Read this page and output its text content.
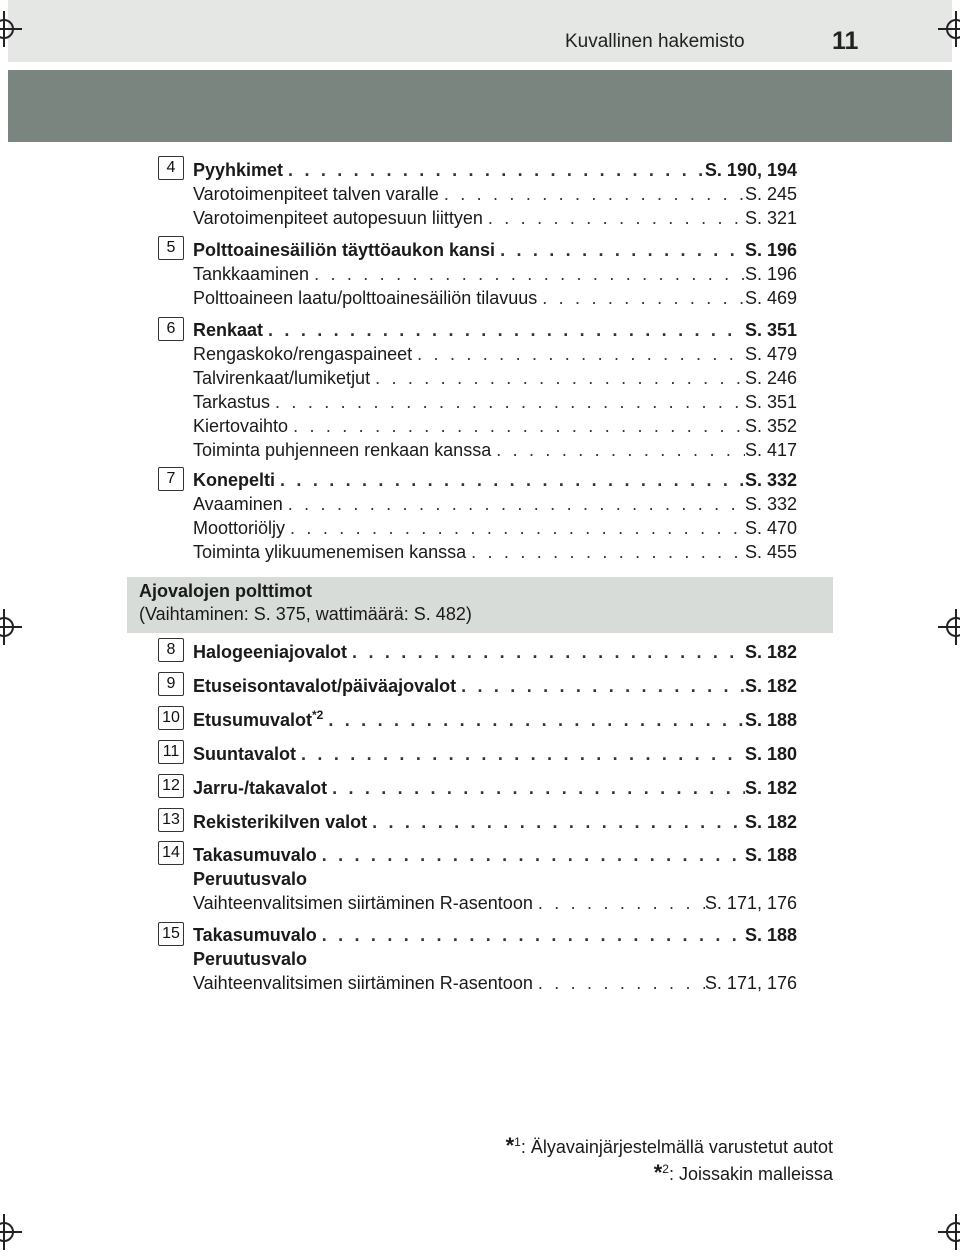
Kuvallinen hakemisto	11
4 Pyyhkimet . . .	S. 190, 194
Varotoimenpiteet talven varalle . . .	S. 245
Varotoimenpiteet autopesuun liittyen . . .	S. 321
5 Polttoainesäiliön täyttöaukon kansi . . .	S. 196
Tankkaaminen . . .	S. 196
Polttoaineen laatu/polttoainesäiliön tilavuus . . .	S. 469
6 Renkaat . . .	S. 351
Rengaskoko/rengaspaineet . . .	S. 479
Talvirenkaat/lumiketjut . . .	S. 246
Tarkastus . . .	S. 351
Kiertovaihto . . .	S. 352
Toiminta puhjenneen renkaan kanssa . . .	S. 417
7 Konepelti . . .	S. 332
Avaaminen . . .	S. 332
Moottoriöljy . . .	S. 470
Toiminta ylikuumenemisen kanssa . . .	S. 455
Ajovalojen polttimot
(Vaihtaminen: S. 375, wattimäärä: S. 482)
8 Halogeeniajovalot . . .	S. 182
9 Etuseisontavalot/päiväajovalot . . .	S. 182
10 Etusumuvalot$^{*2}$ . . .	S. 188
11 Suuntavalot . . .	S. 180
12 Jarru-/takavalot . . .	S. 182
13 Rekisterikilven valot . . .	S. 182
14 Takasumuvalo . . .	S. 188
Peruutusvalo
Vaihteenvalitsimen siirtäminen R-asentoon . . .	S. 171, 176
15 Takasumuvalo . . .	S. 188
Peruutusvalo
Vaihteenvalitsimen siirtäminen R-asentoon . . .	S. 171, 176
*$^1$: Älyavainjärjestelmällä varustetut autot
*$^2$: Joissakin malleissa
